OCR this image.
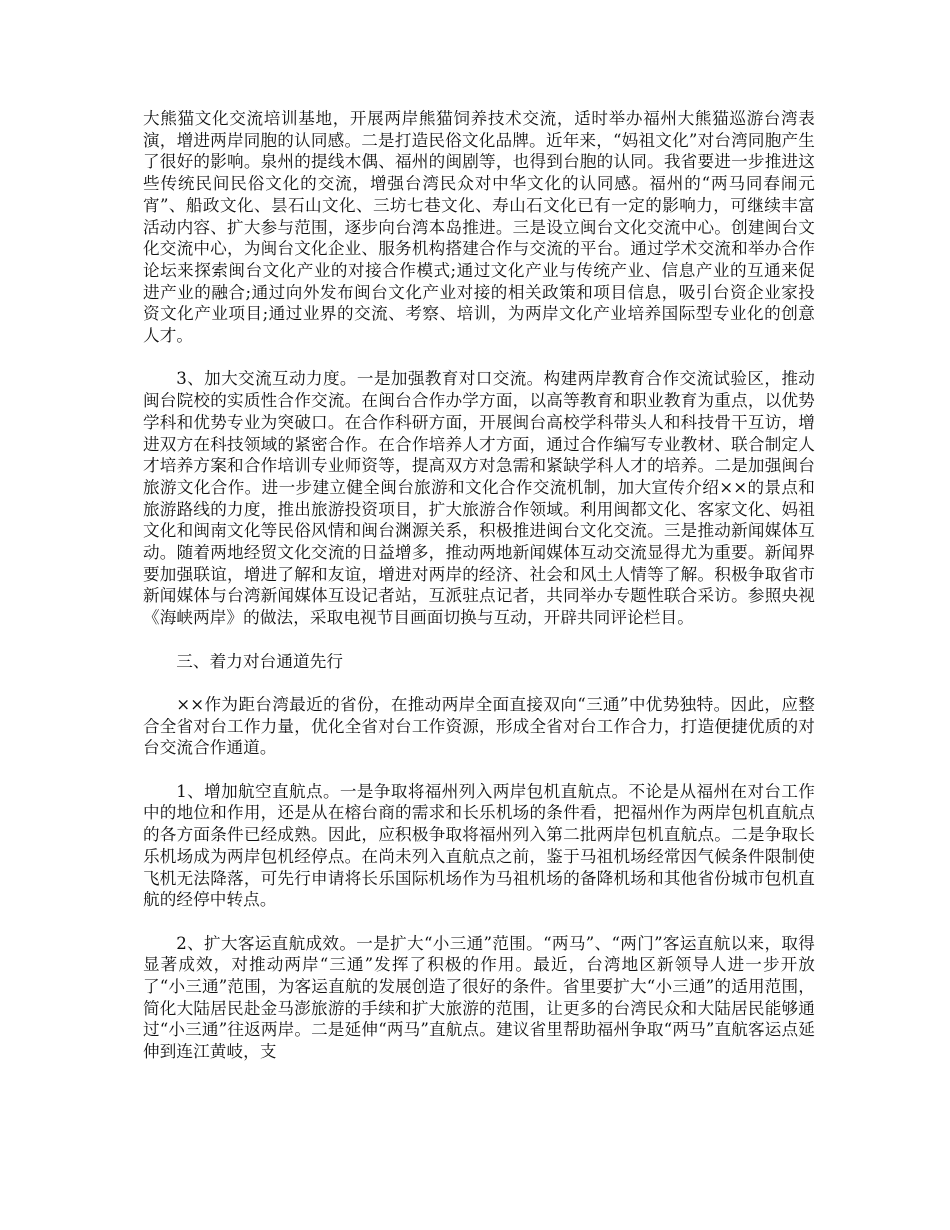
大熊猫文化交流培训基地，开展两岸熊猫饲养技术交流，适时举办福州大熊猫巡游台湾表演，增进两岸同胞的认同感。二是打造民俗文化品牌。近年来，“妈祖文化”对台湾同胞产生了很好的影响。泉州的提线木偶、福州的闽剧等，也得到台胞的认同。我省要进一步推进这些传统民间民俗文化的交流，增强台湾民众对中华文化的认同感。福州的“两马同春闹元宵”、船政文化、昙石山文化、三坊七巷文化、寿山石文化已有一定的影响力，可继续丰富活动内容、扩大参与范围，逐步向台湾本岛推进。三是设立闽台文化交流中心。创建闽台文化交流中心，为闽台文化企业、服务机构搭建合作与交流的平台。通过学术交流和举办合作论坛来探索闽台文化产业的对接合作模式;通过文化产业与传统产业、信息产业的互通来促进产业的融合;通过向外发布闽台文化产业对接的相关政策和项目信息，吸引台资企业家投资文化产业项目;通过业界的交流、考察、培训，为两岸文化产业培养国际型专业化的创意人才。

3、加大交流互动力度。一是加强教育对口交流。构建两岸教育合作交流试验区，推动闽台院校的实质性合作交流。在闽台合作办学方面，以高等教育和职业教育为重点，以优势学科和优势专业为突破口。在合作科研方面，开展闽台高校学科带头人和科技骨干互访，增进双方在科技领域的紧密合作。在合作培养人才方面，通过合作编写专业教材、联合制定人才培养方案和合作培训专业师资等，提高双方对急需和紧缺学科人才的培养。二是加强闽台旅游文化合作。进一步建立健全闽台旅游和文化合作交流机制，加大宣传介绍××的景点和旅游路线的力度，推出旅游投资项目，扩大旅游合作领域。利用闽都文化、客家文化、妈祖文化和闽南文化等民俗风情和闽台渊源关系，积极推进闽台文化交流。三是推动新闻媒体互动。随着两地经贸文化交流的日益增多，推动两地新闻媒体互动交流显得尤为重要。新闻界要加强联谊，增进了解和友谊，增进对两岸的经济、社会和风土人情等了解。积极争取省市新闻媒体与台湾新闻媒体互设记者站，互派驻点记者，共同举办专题性联合采访。参照央视《海峡两岸》的做法，采取电视节目画面切换与互动，开辟共同评论栏目。

三、着力对台通道先行

××作为距台湾最近的省份，在推动两岸全面直接双向“三通”中优势独特。因此，应整合全省对台工作力量，优化全省对台工作资源，形成全省对台工作合力，打造便捷优质的对台交流合作通道。

1、增加航空直航点。一是争取将福州列入两岸包机直航点。不论是从福州在对台工作中的地位和作用，还是从在榕台商的需求和长乐机场的条件看，把福州作为两岸包机直航点的各方面条件已经成熟。因此，应积极争取将福州列入第二批两岸包机直航点。二是争取长乐机场成为两岸包机经停点。在尚未列入直航点之前，鉴于马祖机场经常因气候条件限制使飞机无法降落，可先行申请将长乐国际机场作为马祖机场的备降机场和其他省份城市包机直航的经停中转点。

2、扩大客运直航成效。一是扩大“小三通”范围。“两马”、“两门”客运直航以来，取得显著成效，对推动两岸“三通”发挥了积极的作用。最近，台湾地区新领导人进一步开放了“小三通”范围，为客运直航的发展创造了很好的条件。省里要扩大“小三通”的适用范围，简化大陆居民赴金马澎旅游的手续和扩大旅游的范围，让更多的台湾民众和大陆居民能够通过“小三通”往返两岸。二是延伸“两马”直航点。建议省里帮助福州争取“两马”直航客运点延伸到连江黄岐，支
